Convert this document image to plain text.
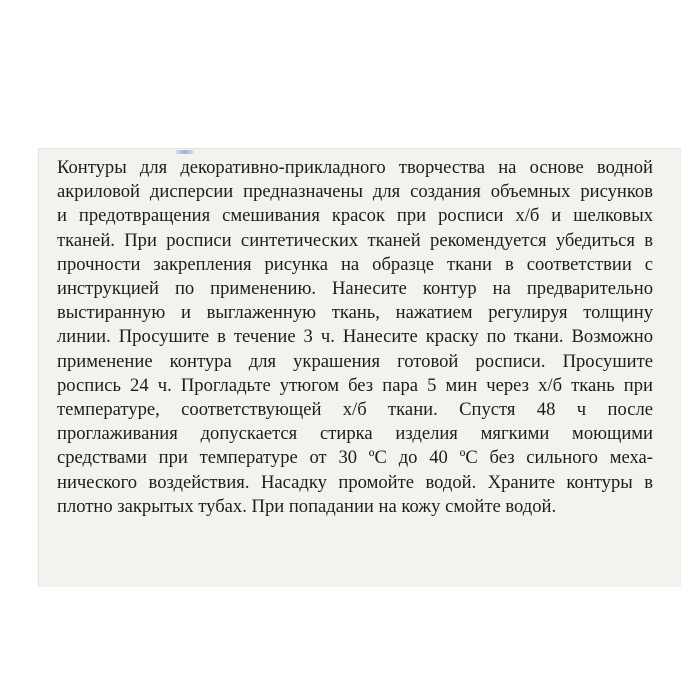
Контуры для декоративно-прикладного творчества на основе водной
акриловой дисперсии предназначены для создания объемных рисунков
и предотвращения смешивания красок при росписи х/б и шелковых
тканей. При росписи синтетических тканей рекомендуется убедиться в
прочности закрепления рисунка на образце ткани в соответствии с
инструкцией по применению. Нанесите контур на предварительно
выстиранную и выглаженную ткань, нажатием регулируя толщину
линии. Просушите в течение 3 ч. Нанесите краску по ткани. Возможно
применение контура для украшения готовой росписи. Просушите
роспись 24 ч. Прогладьте утюгом без пара 5 мин через х/б ткань при
температуре, соответствующей х/б ткани. Спустя 48 ч после
проглаживания допускается стирка изделия мягкими моющими
средствами при температуре от 30 ºС до 40 ºС без сильного меха-
нического воздействия. Насадку промойте водой. Храните контуры в
плотно закрытых тубах. При попадании на кожу смойте водой.
